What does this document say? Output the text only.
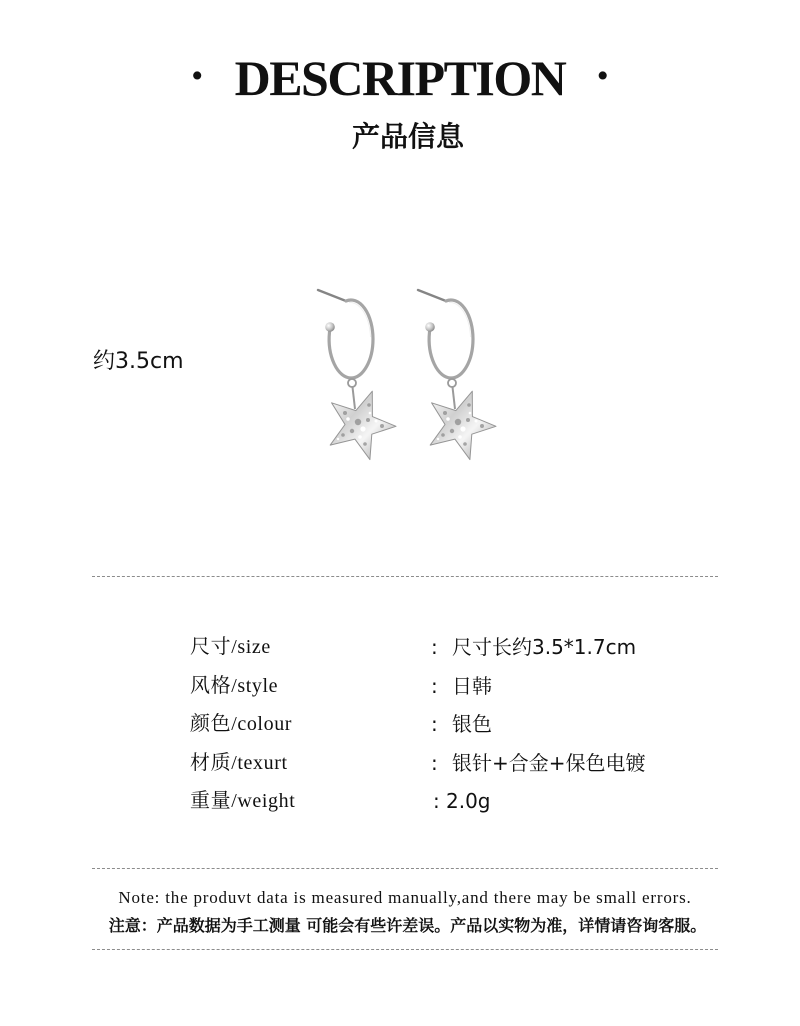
· DESCRIPTION ·
产品信息
约3.5cm
尺寸/size	: 尺寸长约3.5*1.7cm
风格/style	: 日韩
颜色/colour	: 银色
材质/texurt	: 银针+合金+保色电镀
重量/weight	: 2.0g
Note: the produvt data is measured manually,and there may be small errors.
注意：产品数据为手工测量 可能会有些许差误。产品以实物为准，详情请咨询客服。
